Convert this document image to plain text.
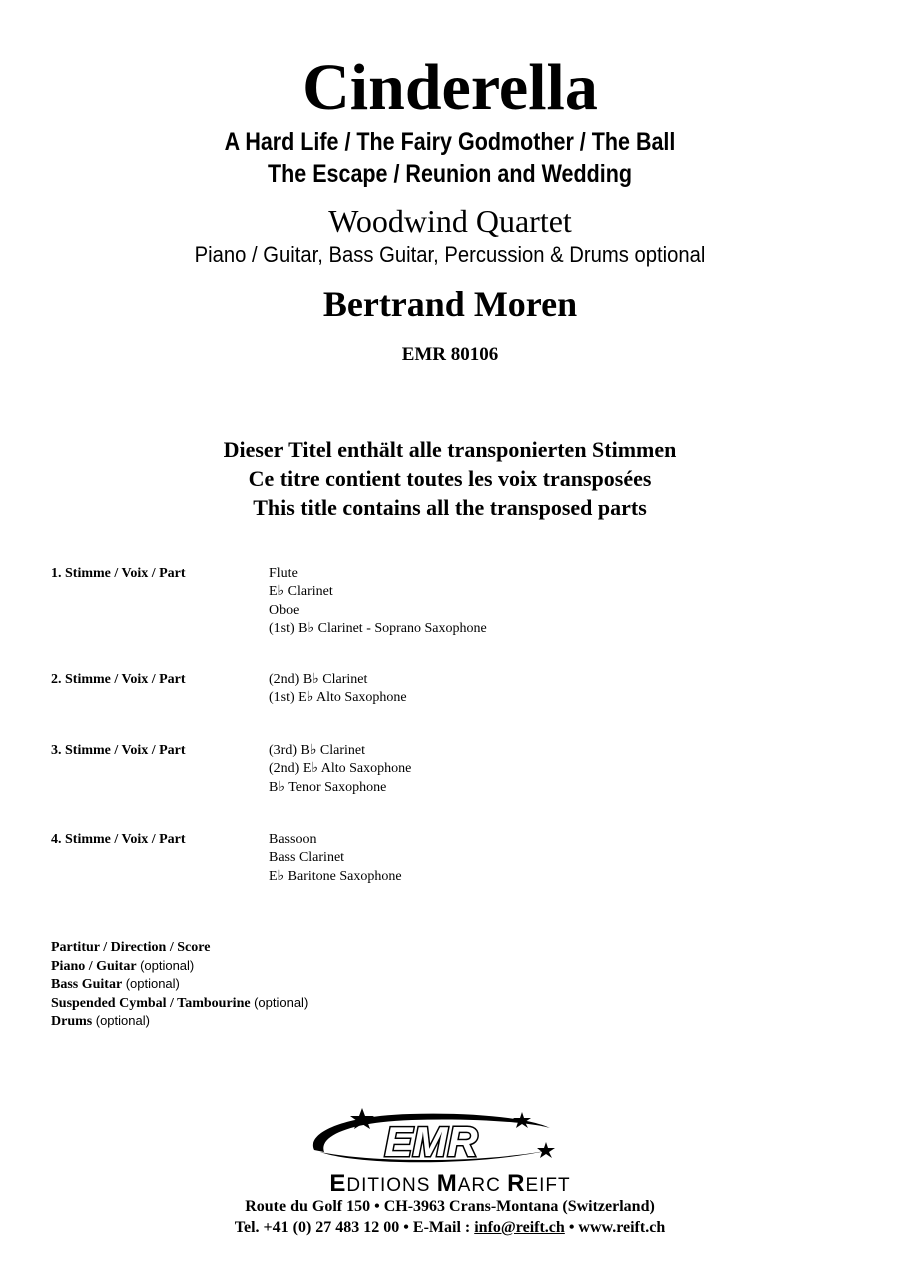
Cinderella
A Hard Life / The Fairy Godmother / The Ball
The Escape / Reunion and Wedding
Woodwind Quartet
Piano / Guitar, Bass Guitar, Percussion & Drums optional
Bertrand Moren
EMR 80106
Dieser Titel enthält alle transponierten Stimmen
Ce titre contient toutes les voix transposées
This title contains all the transposed parts
1. Stimme / Voix / Part	Flute
E♭ Clarinet
Oboe
(1st) B♭ Clarinet - Soprano Saxophone
2. Stimme / Voix / Part	(2nd) B♭ Clarinet
(1st) E♭ Alto Saxophone
3. Stimme / Voix / Part	(3rd) B♭ Clarinet
(2nd) E♭ Alto Saxophone
B♭ Tenor Saxophone
4. Stimme / Voix / Part	Bassoon
Bass Clarinet
E♭ Baritone Saxophone
Partitur / Direction / Score
Piano / Guitar (optional)
Bass Guitar (optional)
Suspended Cymbal / Tambourine (optional)
Drums (optional)
EMR
EDITIONS MARC REIFT
Route du Golf 150 • CH-3963 Crans-Montana (Switzerland)
Tel. +41 (0) 27 483 12 00 • E-Mail : info@reift.ch • www.reift.ch
